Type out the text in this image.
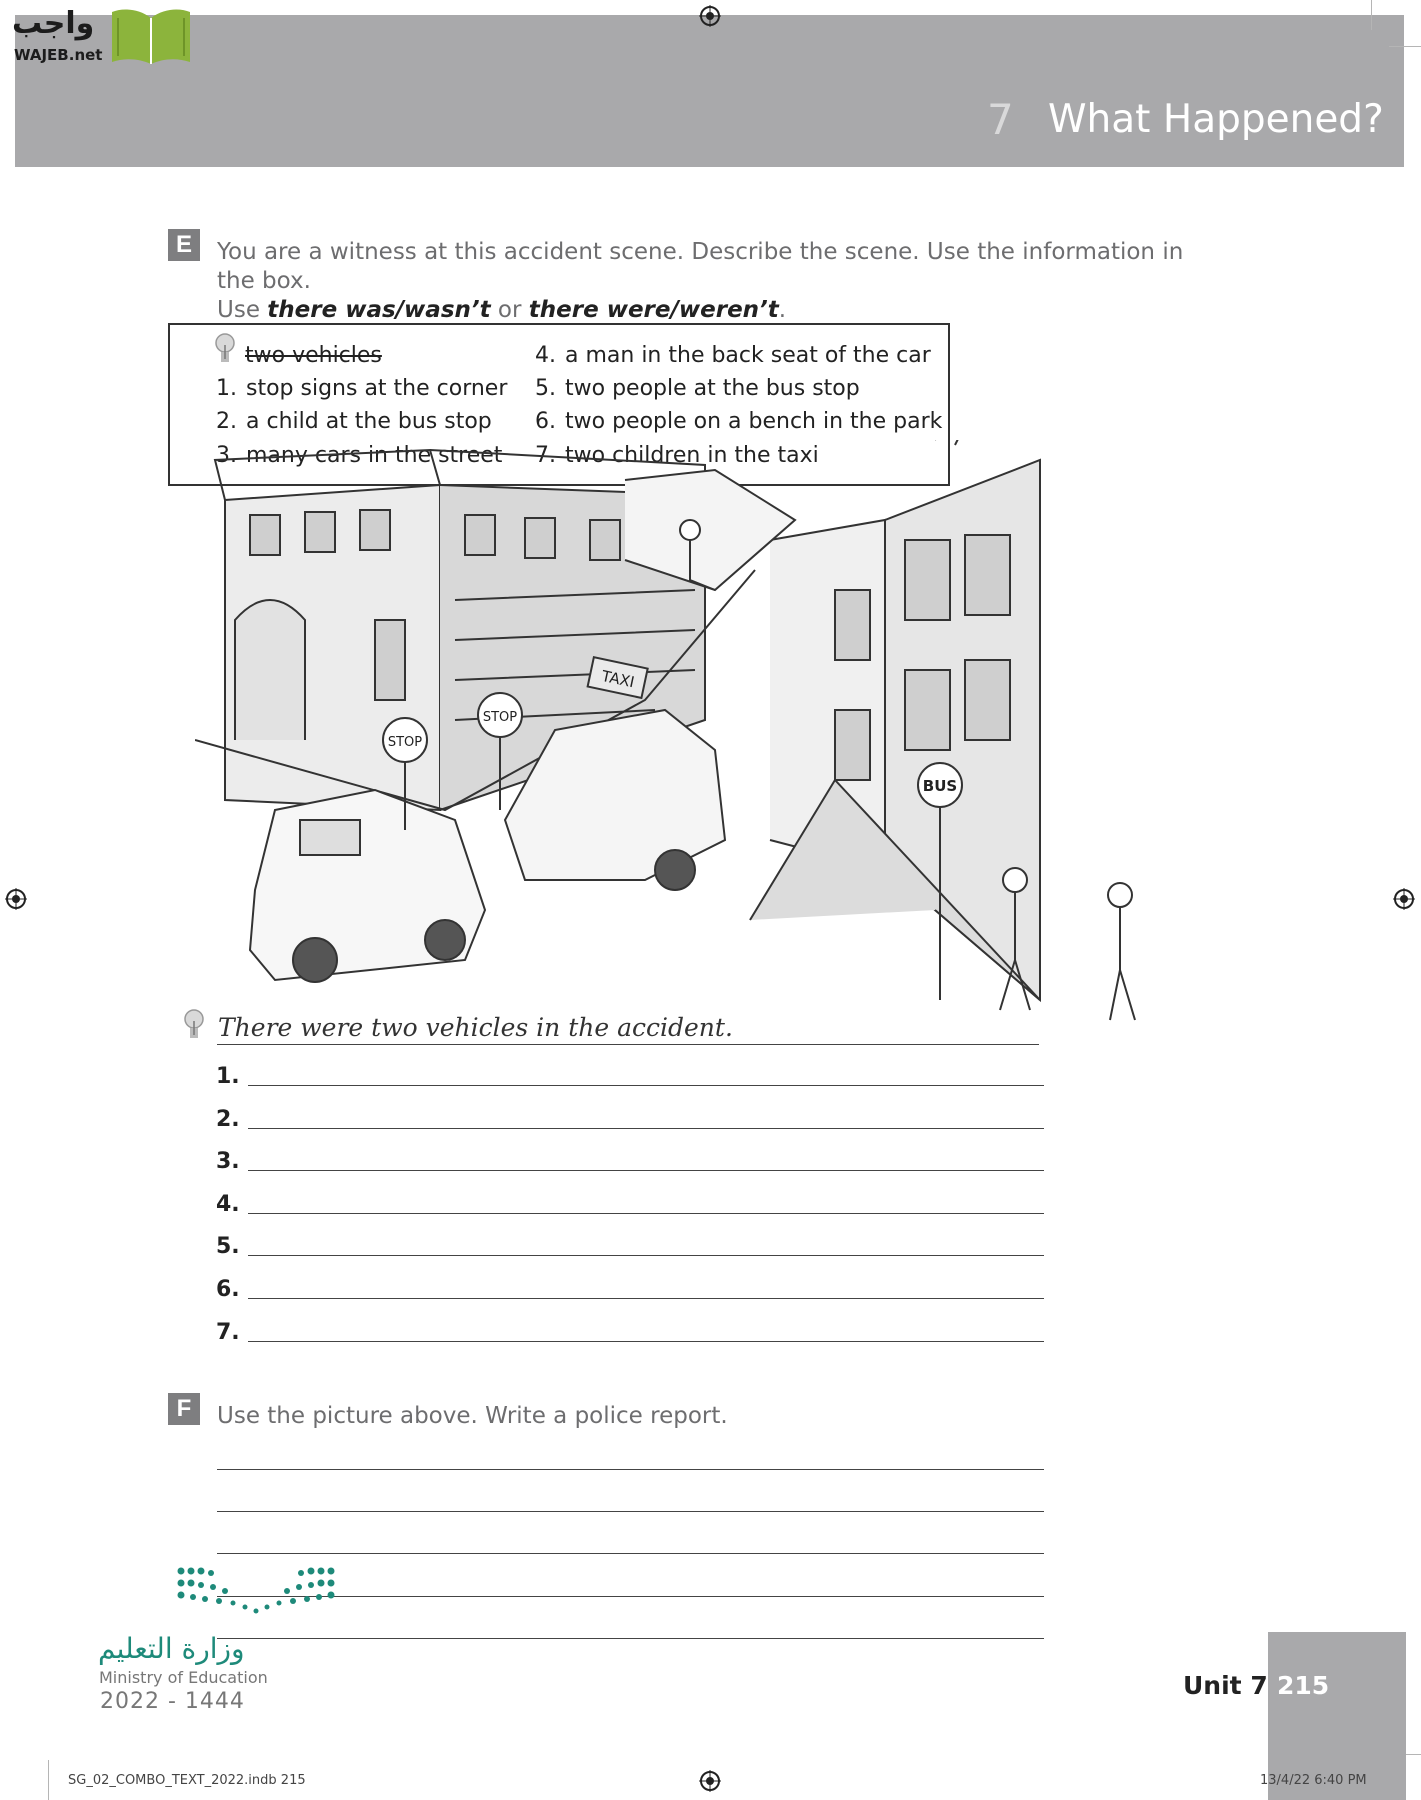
7 What Happened?
واجب
WAJEB.net
E	You are a witness at this accident scene. Describe the scene. Use the information in the box.
Use there was/wasn’t or there were/weren’t.
two vehicles
1. stop signs at the corner
2. a child at the bus stop
3. many cars in the street
4. a man in the back seat of the car
5. two people at the bus stop
6. two people on a bench in the park
7. two children in the taxi
STOP
STOP
TAXI
BUS
There were two vehicles in the accident.
1.
2.
3.
4.
5.
6.
7.
F	Use the picture above. Write a police report.
وزارة التعليم
Ministry of Education
2022 - 1444
Unit 7 215
SG_02_COMBO_TEXT_2022.indb 215	13/4/22 6:40 PM
